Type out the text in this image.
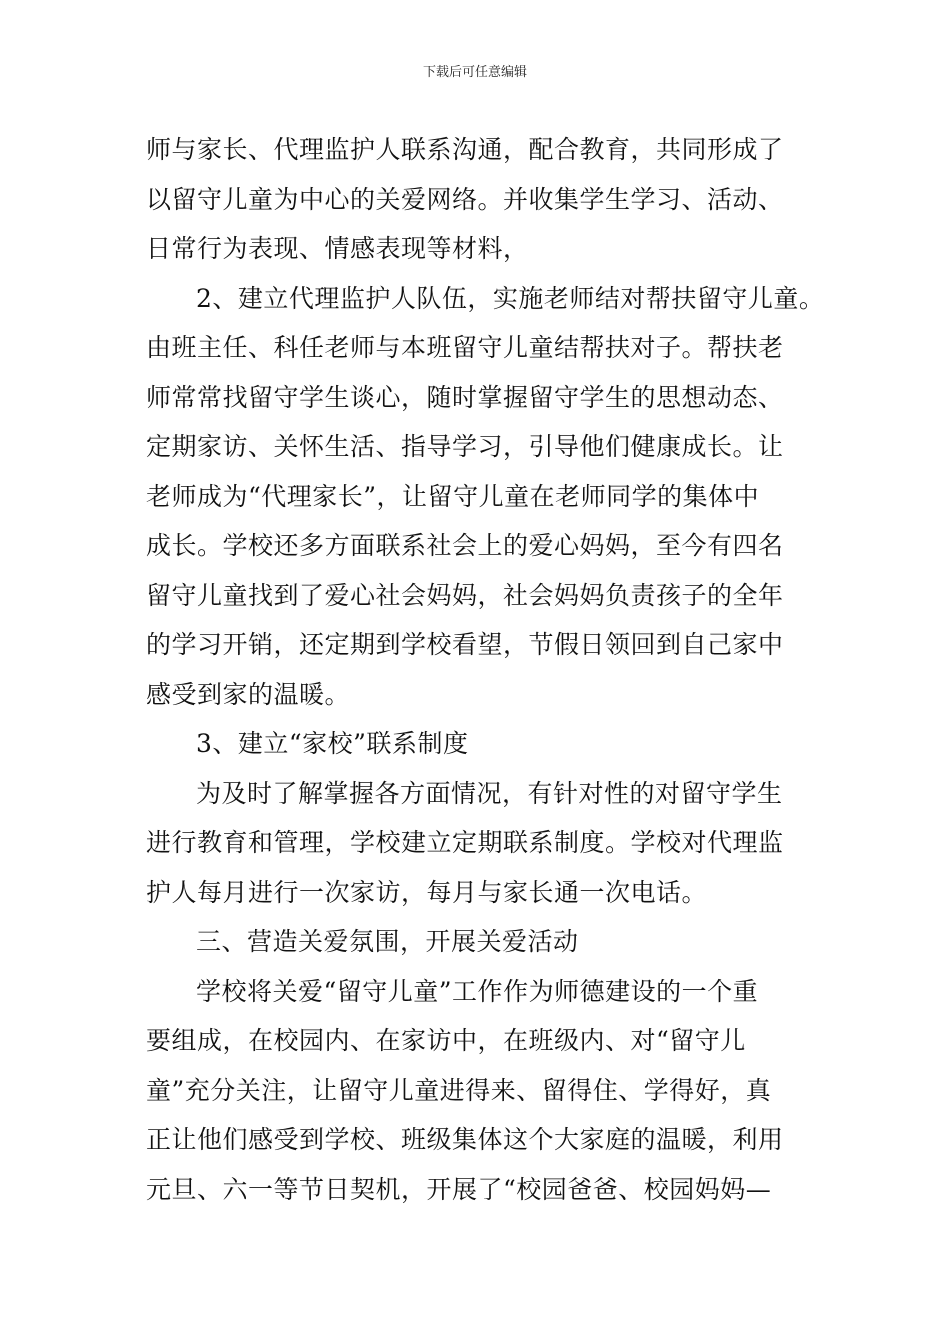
下载后可任意编辑
师与家长、代理监护人联系沟通，配合教育，共同形成了
以留守儿童为中心的关爱网络。并收集学生学习、活动、
日常行为表现、情感表现等材料，
2、建立代理监护人队伍，实施老师结对帮扶留守儿童。
由班主任、科任老师与本班留守儿童结帮扶对子。帮扶老
师常常找留守学生谈心，随时掌握留守学生的思想动态、
定期家访、关怀生活、指导学习，引导他们健康成长。让
老师成为“代理家长”，让留守儿童在老师同学的集体中
成长。学校还多方面联系社会上的爱心妈妈，至今有四名
留守儿童找到了爱心社会妈妈，社会妈妈负责孩子的全年
的学习开销，还定期到学校看望，节假日领回到自己家中
感受到家的温暖。
3、建立“家校”联系制度
为及时了解掌握各方面情况，有针对性的对留守学生
进行教育和管理，学校建立定期联系制度。学校对代理监
护人每月进行一次家访，每月与家长通一次电话。
三、营造关爱氛围，开展关爱活动
学校将关爱“留守儿童”工作作为师德建设的一个重
要组成，在校园内、在家访中，在班级内、对“留守儿
童”充分关注，让留守儿童进得来、留得住、学得好，真
正让他们感受到学校、班级集体这个大家庭的温暖，利用
元旦、六一等节日契机，开展了“校园爸爸、校园妈妈—
